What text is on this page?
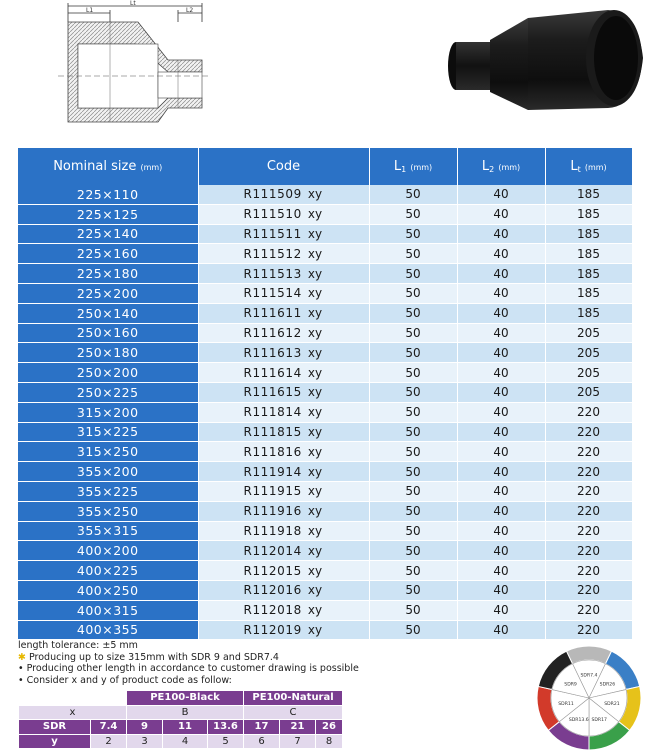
Lt
L1	L2
Nominal size (mm)	Code	$L_1$ (mm)	$L_2$ (mm)	$L_t$ (mm)
225×110	R111509 xy	50	40	185
225×125	R111510 xy	50	40	185
225×140	R111511 xy	50	40	185
225×160	R111512 xy	50	40	185
225×180	R111513 xy	50	40	185
225×200	R111514 xy	50	40	185
250×140	R111611 xy	50	40	185
250×160	R111612 xy	50	40	205
250×180	R111613 xy	50	40	205
250×200	R111614 xy	50	40	205
250×225	R111615 xy	50	40	205
315×200	R111814 xy	50	40	220
315×225	R111815 xy	50	40	220
315×250	R111816 xy	50	40	220
355×200	R111914 xy	50	40	220
355×225	R111915 xy	50	40	220
355×250	R111916 xy	50	40	220
355×315	R111918 xy	50	40	220
400×200	R112014 xy	50	40	220
400×225	R112015 xy	50	40	220
400×250	R112016 xy	50	40	220
400×315	R112018 xy	50	40	220
400×355	R112019 xy	50	40	220
length tolerance: ±5 mm
✱ Producing up to size 315mm with SDR 9 and SDR7.4
• Producing other length in accordance to customer drawing is possible
• Consider x and y of product code as follow:
		PE100-Black			PE100-Natural		
x		B			C		
SDR	7.4	9	11	13.6	17	21	26
y	2	3	4	5	6	7	8
SDR7.4
SDR26
SDR21
SDR17
SDR13.6
SDR11
SDR9
